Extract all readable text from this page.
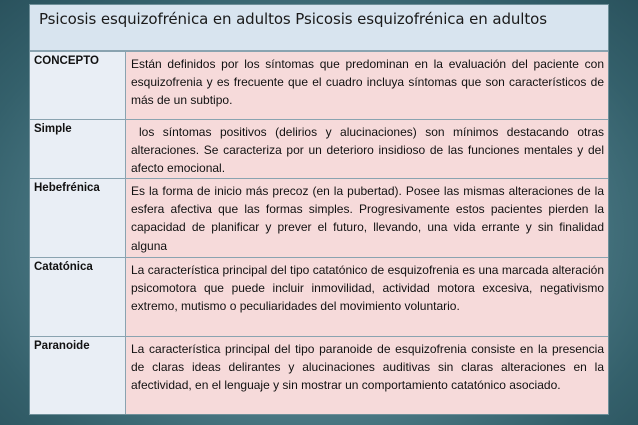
Psicosis esquizofrénica en adultos Psicosis esquizofrénica en adultos
CONCEPTO	Están definidos por los síntomas que predominan en la evaluación del paciente con esquizofrenia y es frecuente que el cuadro incluya síntomas que son característicos de más de un subtipo.
Simple	los síntomas positivos (delirios y alucinaciones) son mínimos destacando otras alteraciones. Se caracteriza por un deterioro insidioso de las funciones mentales y del afecto emocional.
Hebefrénica	Es la forma de inicio más precoz (en la pubertad). Posee las mismas alteraciones de la esfera afectiva que las formas simples. Progresivamente estos pacientes pierden la capacidad de planificar y prever el futuro, llevando, una vida errante y sin finalidad alguna
Catatónica	La característica principal del tipo catatónico de esquizofrenia es una marcada alteración psicomotora que puede incluir inmovilidad, actividad motora excesiva, negativismo extremo, mutismo o peculiaridades del movimiento voluntario.
Paranoide	La característica principal del tipo paranoide de esquizofrenia consiste en la presencia de claras ideas delirantes y alucinaciones auditivas sin claras alteraciones en la afectividad, en el lenguaje y sin mostrar un comportamiento catatónico asociado.
